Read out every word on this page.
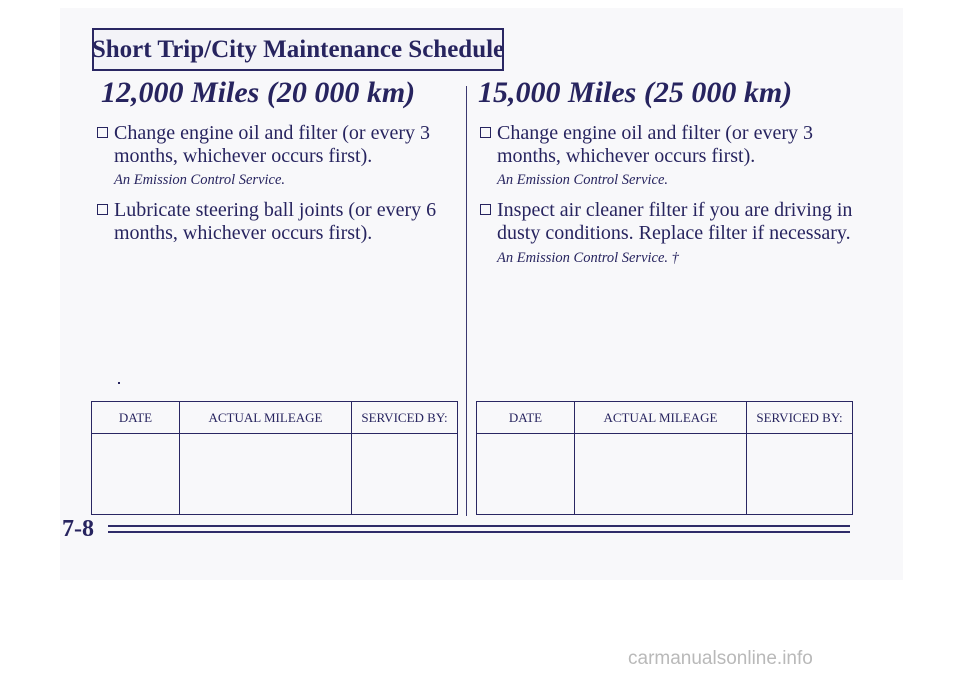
Short Trip/City Maintenance Schedule
12,000 Miles (20 000 km)
Change engine oil and filter (or every 3 months, whichever occurs first).
An Emission Control Service.
Lubricate steering ball joints (or every 6 months, whichever occurs first).
15,000 Miles (25 000 km)
Change engine oil and filter (or every 3 months, whichever occurs first).
An Emission Control Service.
Inspect air cleaner filter if you are driving in dusty conditions. Replace filter if necessary. An Emission Control Service. †
DATE	ACTUAL MILEAGE	SERVICED BY:
			DATE	ACTUAL MILEAGE	SERVICED BY:

7-8
carmanualsonline.info
